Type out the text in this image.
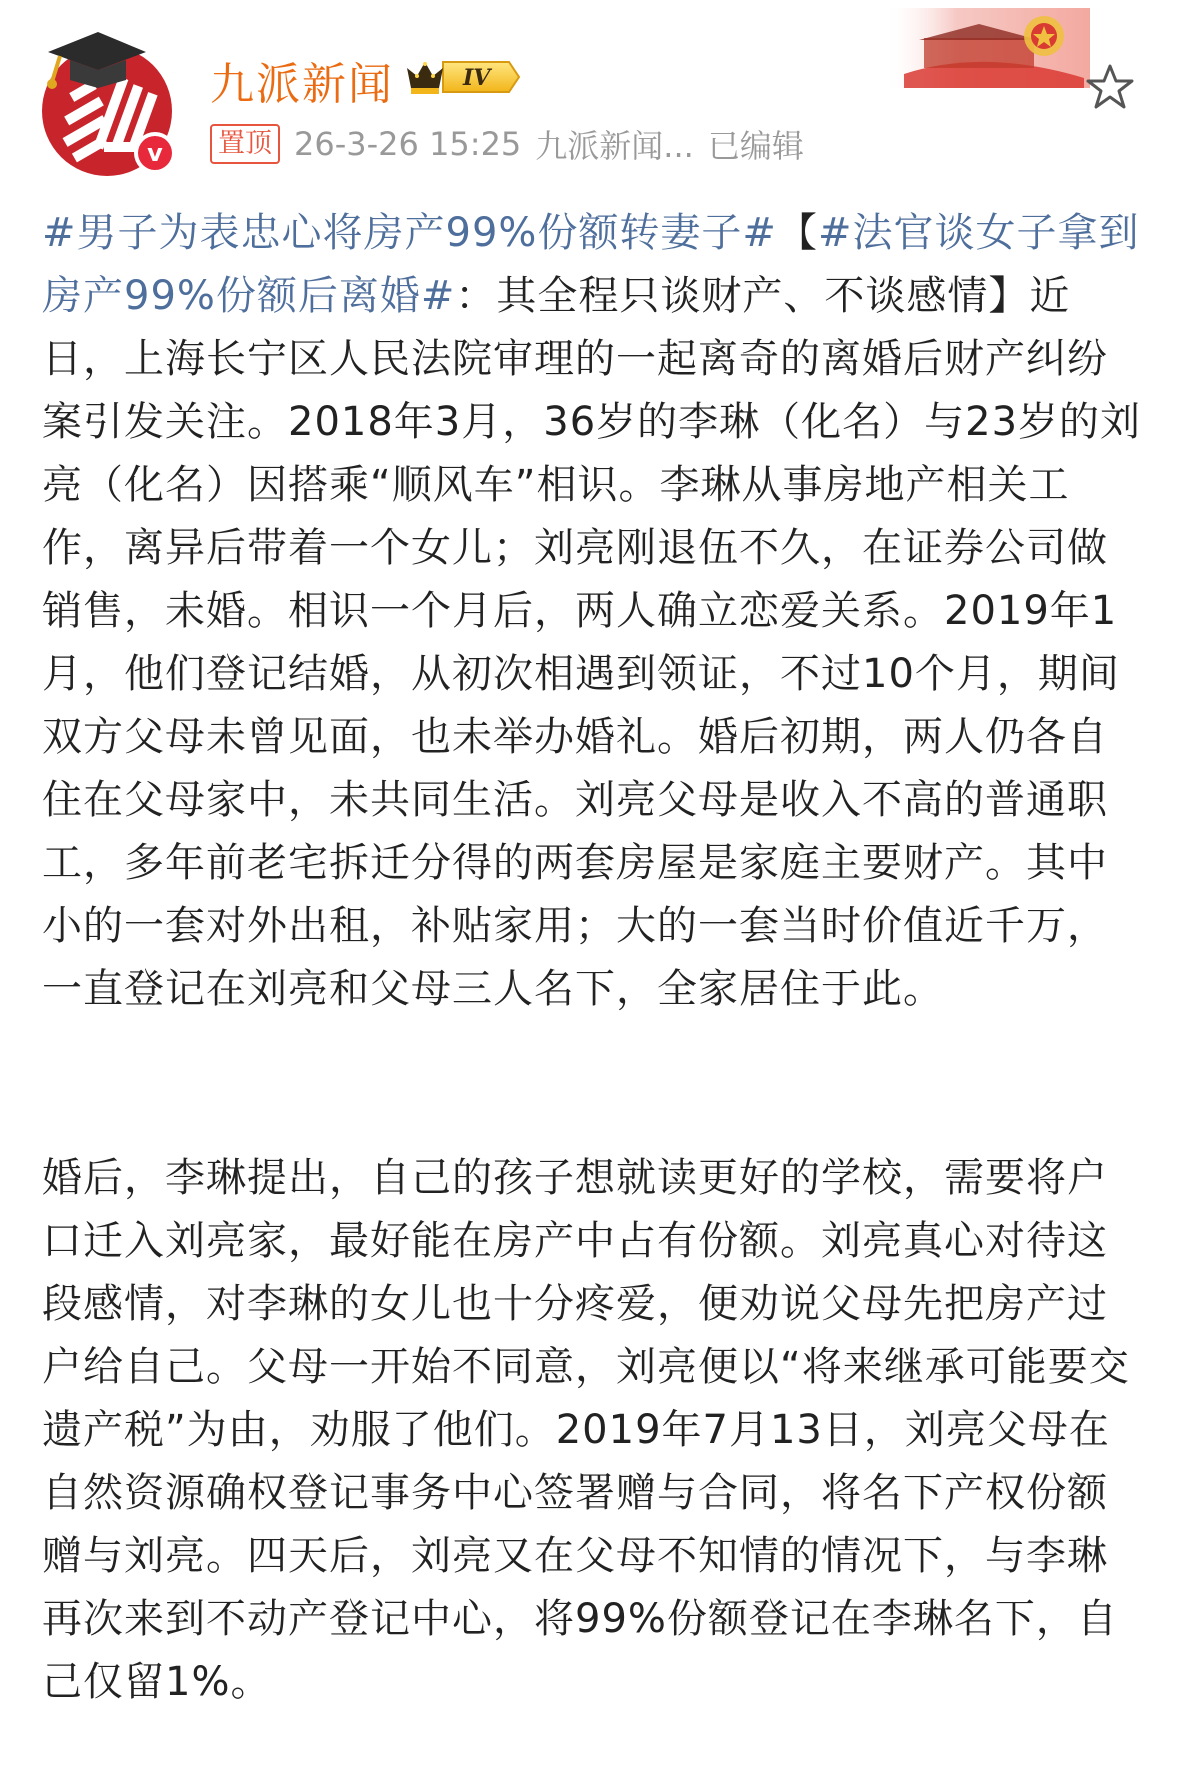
v
九派新闻	IV
置顶 26-3-26 15:25 九派新闻... 已编辑

#男子为表忠心将房产99%份额转妻子#【#法官谈女子拿到房产99%份额后离婚#：其全程只谈财产、不谈感情】近日，上海长宁区人民法院审理的一起离奇的离婚后财产纠纷案引发关注。2018年3月，36岁的李琳（化名）与23岁的刘亮（化名）因搭乘“顺风车”相识。李琳从事房地产相关工作，离异后带着一个女儿；刘亮刚退伍不久，在证券公司做销售，未婚。相识一个月后，两人确立恋爱关系。2019年1月，他们登记结婚，从初次相遇到领证，不过10个月，期间双方父母未曾见面，也未举办婚礼。婚后初期，两人仍各自住在父母家中，未共同生活。刘亮父母是收入不高的普通职工，多年前老宅拆迁分得的两套房屋是家庭主要财产。其中小的一套对外出租，补贴家用；大的一套当时价值近千万，一直登记在刘亮和父母三人名下，全家居住于此。

婚后，李琳提出，自己的孩子想就读更好的学校，需要将户口迁入刘亮家，最好能在房产中占有份额。刘亮真心对待这段感情，对李琳的女儿也十分疼爱，便劝说父母先把房产过户给自己。父母一开始不同意，刘亮便以“将来继承可能要交遗产税”为由，劝服了他们。2019年7月13日，刘亮父母在自然资源确权登记事务中心签署赠与合同，将名下产权份额赠与刘亮。四天后，刘亮又在父母不知情的情况下，与李琳再次来到不动产登记中心，将99%份额登记在李琳名下，自己仅留1%。
